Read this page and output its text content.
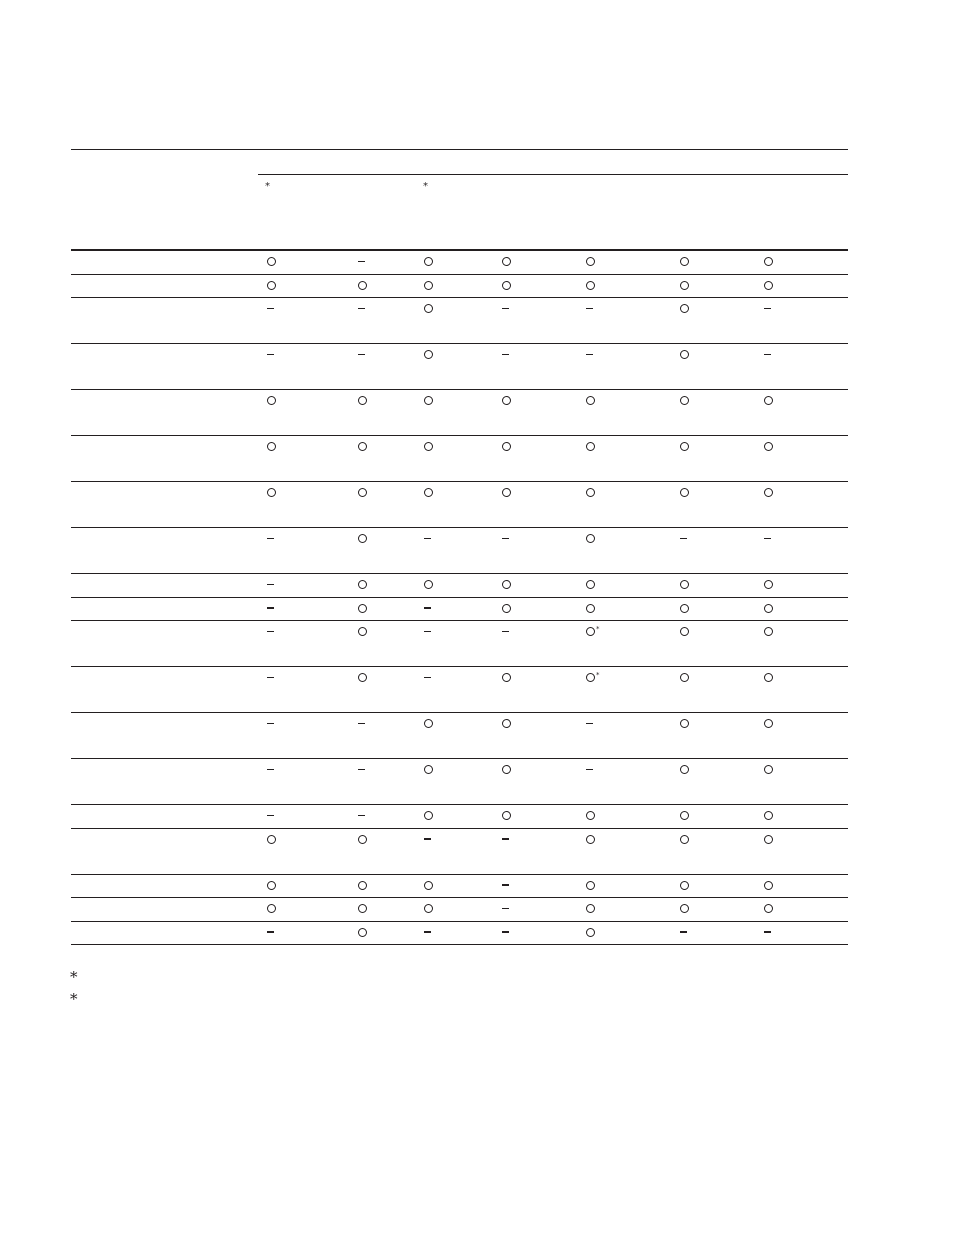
*	*
*
*
*
*
